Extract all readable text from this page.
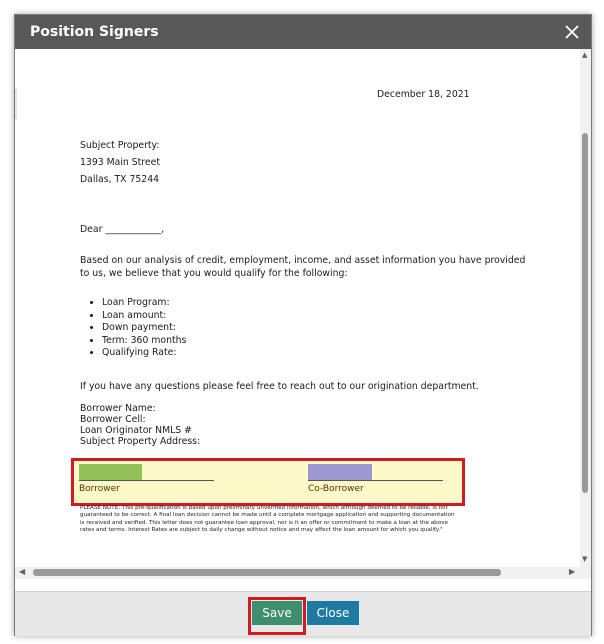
Position Signers
December 18, 2021
Subject Property:
1393 Main Street
Dallas, TX 75244
Dear ____________,
Based on our analysis of credit, employment, income, and asset information you have provided
to us, we believe that you would qualify for the following:
• Loan Program:
• Loan amount:
• Down payment:
• Term: 360 months
• Qualifying Rate:
If you have any questions please feel free to reach out to our origination department.
Borrower Name:
Borrower Cell:
Loan Originator NMLS #
Subject Property Address:
Borrower	Co-Borrower
PLEASE NOTE: This pre-qualification is based upon preliminary unverified information, which although deemed to be reliable, is not guaranteed to be correct. A final loan decision cannot be made until a complete mortgage application and supporting documentation is received and verified. This letter does not guarantee loan approval, nor is it an offer or commitment to make a loan at the above rates and terms. Interest Rates are subject to daily change without notice and may affect the loan amount for which you qualify."
▲
▼
◀	▶
Save	Close
